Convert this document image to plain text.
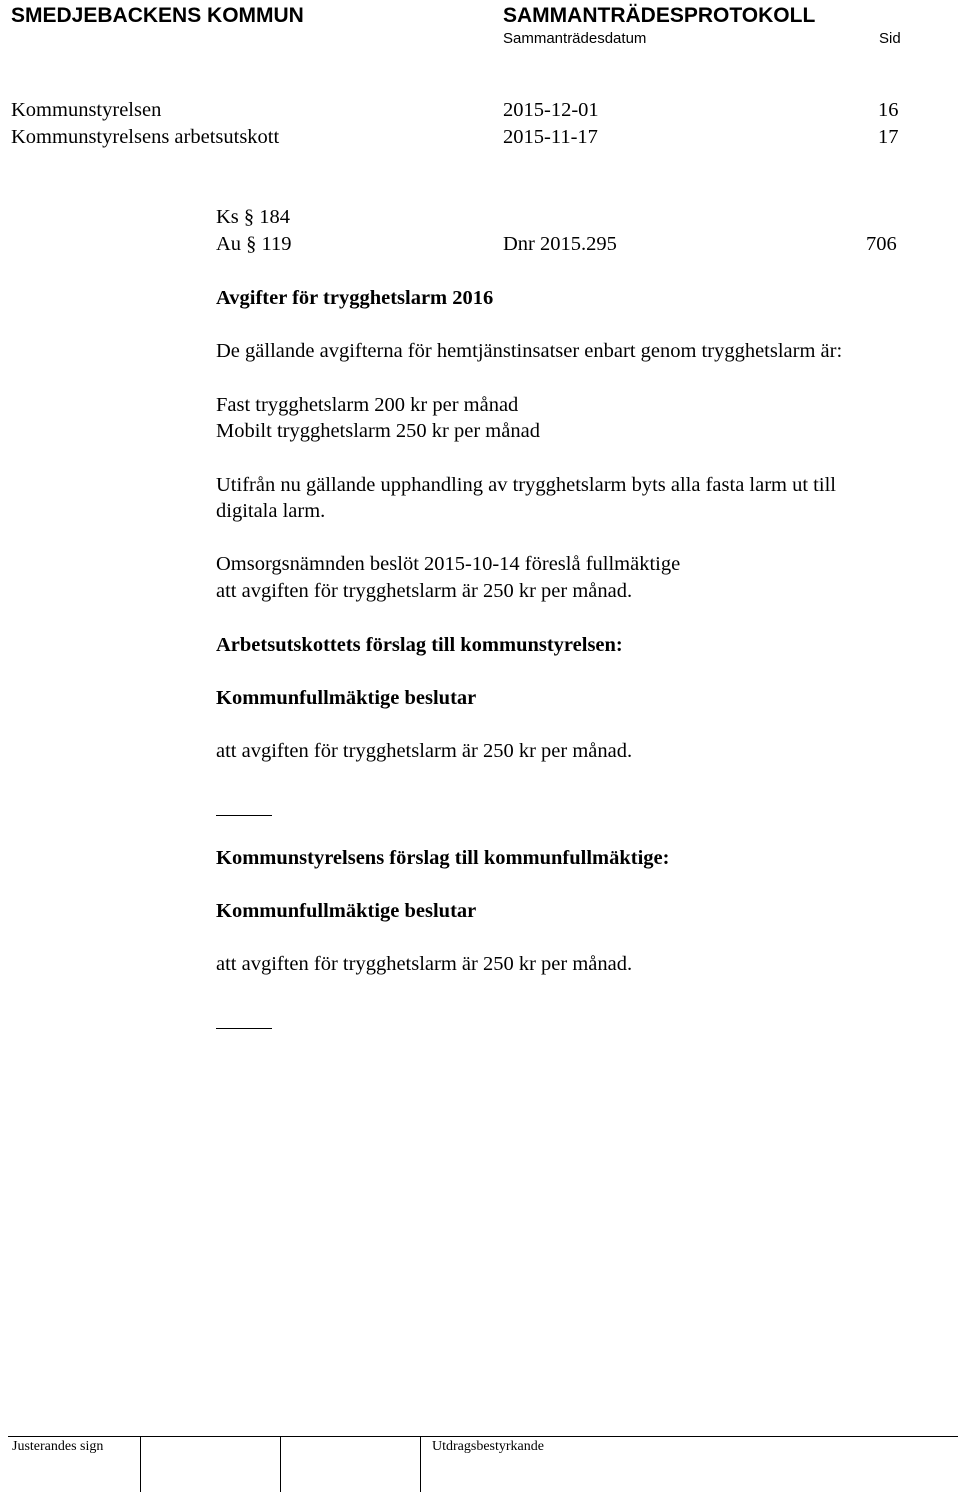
SMEDJEBACKENS KOMMUN	SAMMANTRÄDESPROTOKOLL
Sammanträdesdatum	Sid
Kommunstyrelsen	2015-12-01	16
Kommunstyrelsens arbetsutskott	2015-11-17	17
Ks § 184
Au § 119	Dnr 2015.295	706
Avgifter för trygghetslarm 2016
De gällande avgifterna för hemtjänstinsatser enbart genom trygghetslarm är:
Fast trygghetslarm 200 kr per månad
Mobilt trygghetslarm 250 kr per månad
Utifrån nu gällande upphandling av trygghetslarm byts alla fasta larm ut till
digitala larm.
Omsorgsnämnden beslöt 2015-10-14 föreslå fullmäktige
att avgiften för trygghetslarm är 250 kr per månad.
Arbetsutskottets förslag till kommunstyrelsen:
Kommunfullmäktige beslutar
att avgiften för trygghetslarm är 250 kr per månad.
Kommunstyrelsens förslag till kommunfullmäktige:
Kommunfullmäktige beslutar
att avgiften för trygghetslarm är 250 kr per månad.
Justerandes sign	Utdragsbestyrkande
